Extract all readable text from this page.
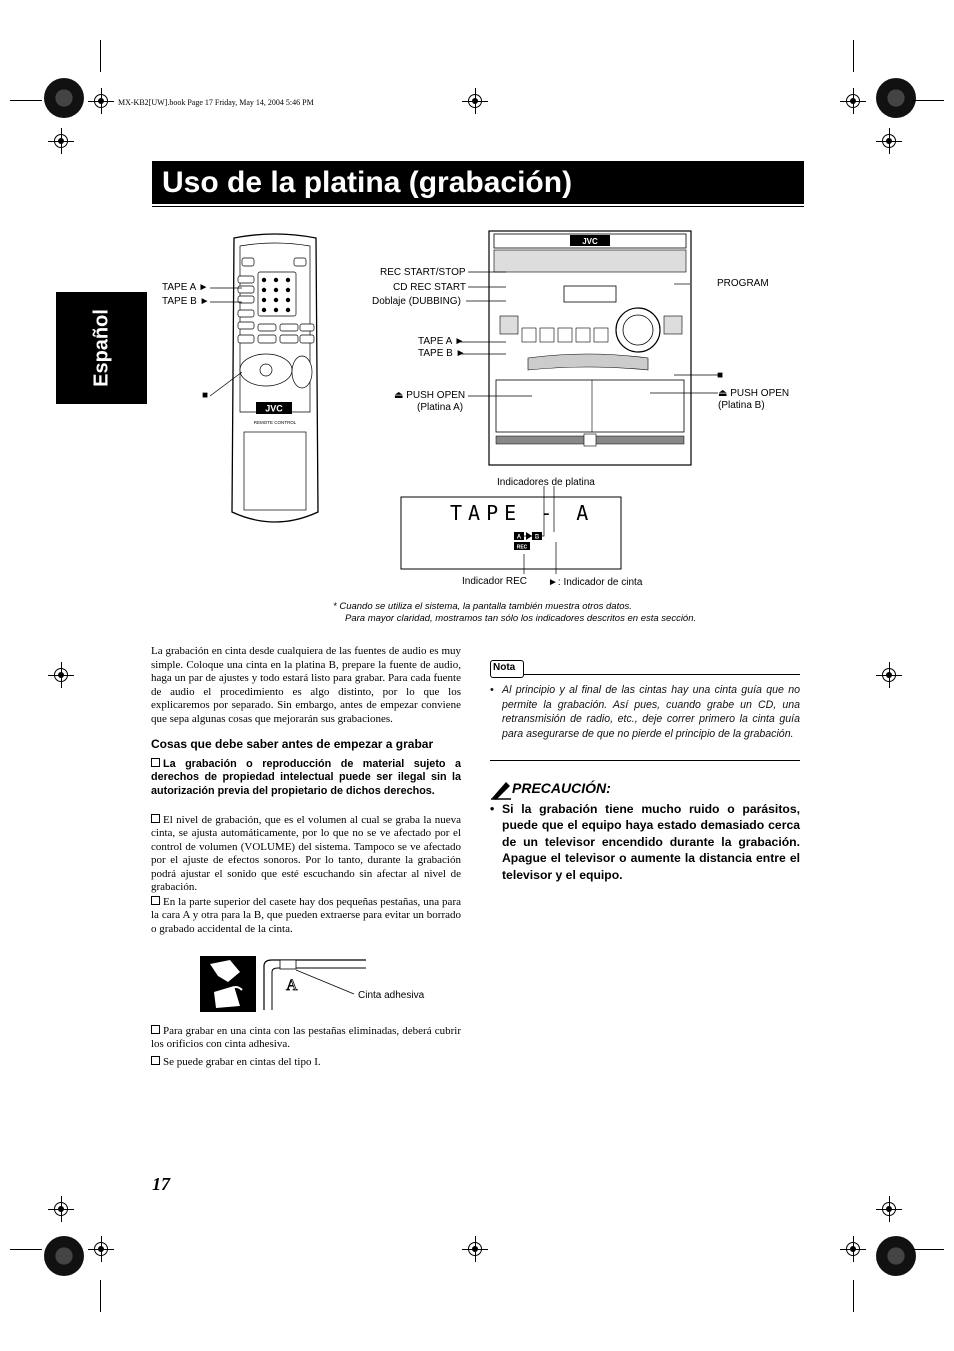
MX-KB2[UW].book Page 17 Friday, May 14, 2004 5:46 PM
Uso de la platina (grabación)
Español
JVC
REMOTE CONTROL
TAPE A ►
TAPE B ►
■
JVC
REC START/STOP
CD REC START
Doblaje (DUBBING)
PROGRAM
TAPE A ►
TAPE B ►
■
⏏ PUSH OPEN
(Platina A)
⏏ PUSH OPEN
(Platina B)
Indicadores de platina
TAPE - A
A B
REC
Indicador REC ►: Indicador de cinta
* Cuando se utiliza el sistema, la pantalla también muestra otros datos.
Para mayor claridad, mostramos tan sólo los indicadores descritos en esta sección.
La grabación en cinta desde cualquiera de las fuentes de audio es muy simple. Coloque una cinta en la platina B, prepare la fuente de audio, haga un par de ajustes y todo estará listo para grabar. Para cada fuente de audio el procedimiento es algo distinto, por lo que los explicaremos por separado. Sin embargo, antes de empezar conviene que sepa algunas cosas que mejorarán sus grabaciones.
Cosas que debe saber antes de empezar a grabar
La grabación o reproducción de material sujeto a derechos de propiedad intelectual puede ser ilegal sin la autorización previa del propietario de dichos derechos.
El nivel de grabación, que es el volumen al cual se graba la nueva cinta, se ajusta automáticamente, por lo que no se ve afectado por el control de volumen (VOLUME) del sistema. Tampoco se ve afectado por el ajuste de efectos sonoros. Por lo tanto, durante la grabación podrá ajustar el sonido que esté escuchando sin afectar al nivel de grabación.
En la parte superior del casete hay dos pequeñas pestañas, una para la cara A y otra para la B, que pueden extraerse para evitar un borrado o grabado accidental de la cinta.
A
Cinta adhesiva
Para grabar en una cinta con las pestañas eliminadas, deberá cubrir los orificios con cinta adhesiva.
Se puede grabar en cintas del tipo I.
Nota
• Al principio y al final de las cintas hay una cinta guía que no permite la grabación. Así pues, cuando grabe un CD, una retransmisión de radio, etc., deje correr primero la cinta guía para asegurarse de que no pierde el principio de la grabación.
PRECAUCIÓN:
• Si la grabación tiene mucho ruido o parásitos, puede que el equipo haya estado demasiado cerca de un televisor encendido durante la grabación. Apague el televisor o aumente la distancia entre el televisor y el equipo.
17
